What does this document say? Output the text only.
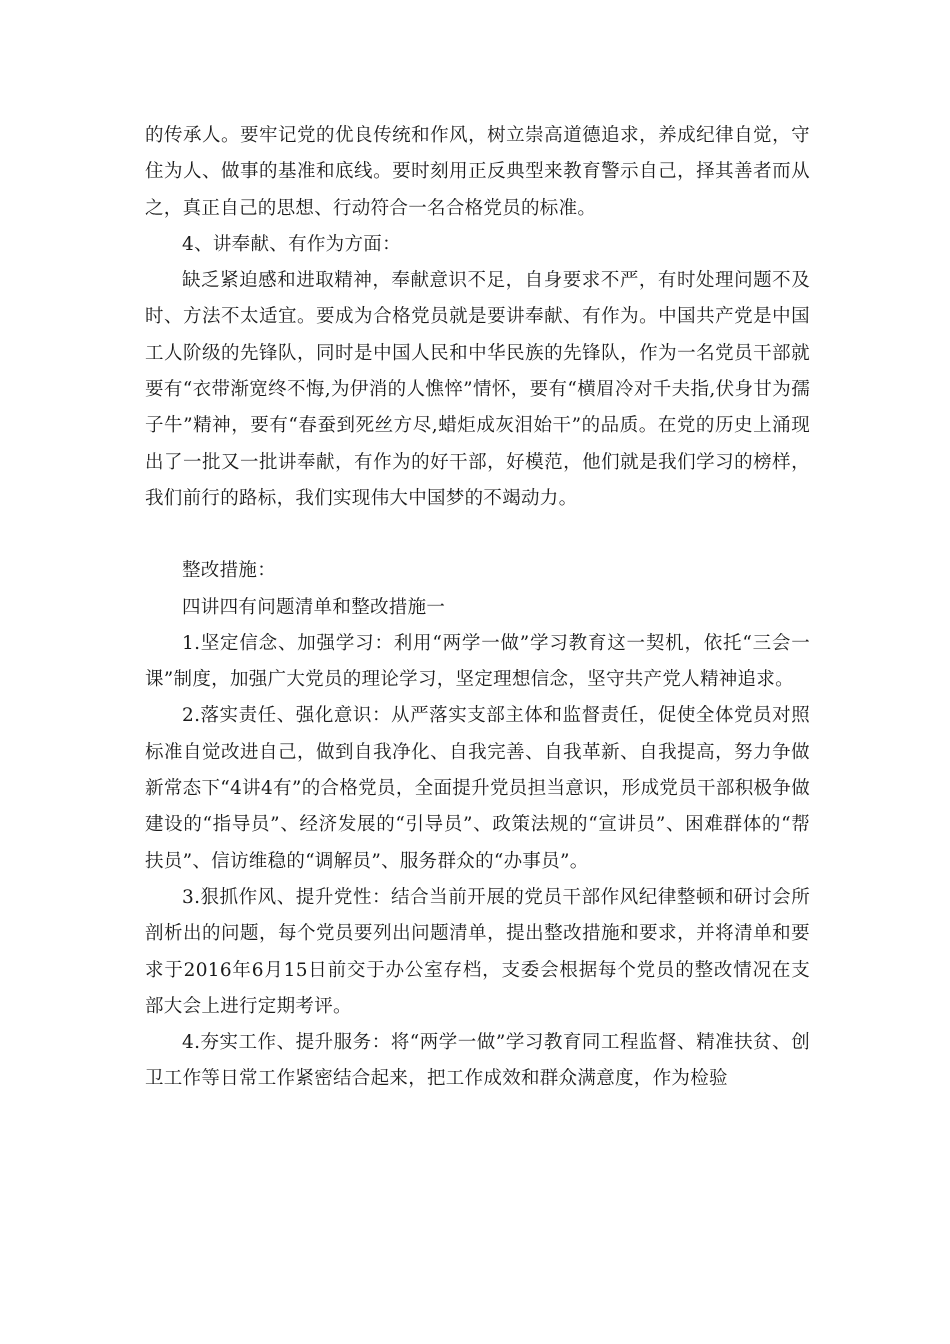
的传承人。要牢记党的优良传统和作风，树立崇高道德追求，养成纪律自觉，守住为人、做事的基准和底线。要时刻用正反典型来教育警示自己，择其善者而从之，真正自己的思想、行动符合一名合格党员的标准。

4、讲奉献、有作为方面：

缺乏紧迫感和进取精神，奉献意识不足，自身要求不严，有时处理问题不及时、方法不太适宜。要成为合格党员就是要讲奉献、有作为。中国共产党是中国工人阶级的先锋队，同时是中国人民和中华民族的先锋队，作为一名党员干部就要有“衣带渐宽终不悔,为伊消的人憔悴”情怀，要有“横眉冷对千夫指,伏身甘为孺子牛”精神，要有“春蚕到死丝方尽,蜡炬成灰泪始干”的品质。在党的历史上涌现出了一批又一批讲奉献，有作为的好干部，好模范，他们就是我们学习的榜样，我们前行的路标，我们实现伟大中国梦的不竭动力。

整改措施：

四讲四有问题清单和整改措施一

1.坚定信念、加强学习：利用“两学一做”学习教育这一契机，依托“三会一课”制度，加强广大党员的理论学习，坚定理想信念，坚守共产党人精神追求。

2.落实责任、强化意识：从严落实支部主体和监督责任，促使全体党员对照标准自觉改进自己，做到自我净化、自我完善、自我革新、自我提高，努力争做新常态下“4讲4有”的合格党员，全面提升党员担当意识，形成党员干部积极争做建设的“指导员”、经济发展的“引导员”、政策法规的“宣讲员”、困难群体的“帮扶员”、信访维稳的“调解员”、服务群众的“办事员”。

3.狠抓作风、提升党性：结合当前开展的党员干部作风纪律整顿和研讨会所剖析出的问题，每个党员要列出问题清单，提出整改措施和要求，并将清单和要求于2016年6月15日前交于办公室存档，支委会根据每个党员的整改情况在支部大会上进行定期考评。

4.夯实工作、提升服务：将“两学一做”学习教育同工程监督、精准扶贫、创卫工作等日常工作紧密结合起来，把工作成效和群众满意度，作为检验
